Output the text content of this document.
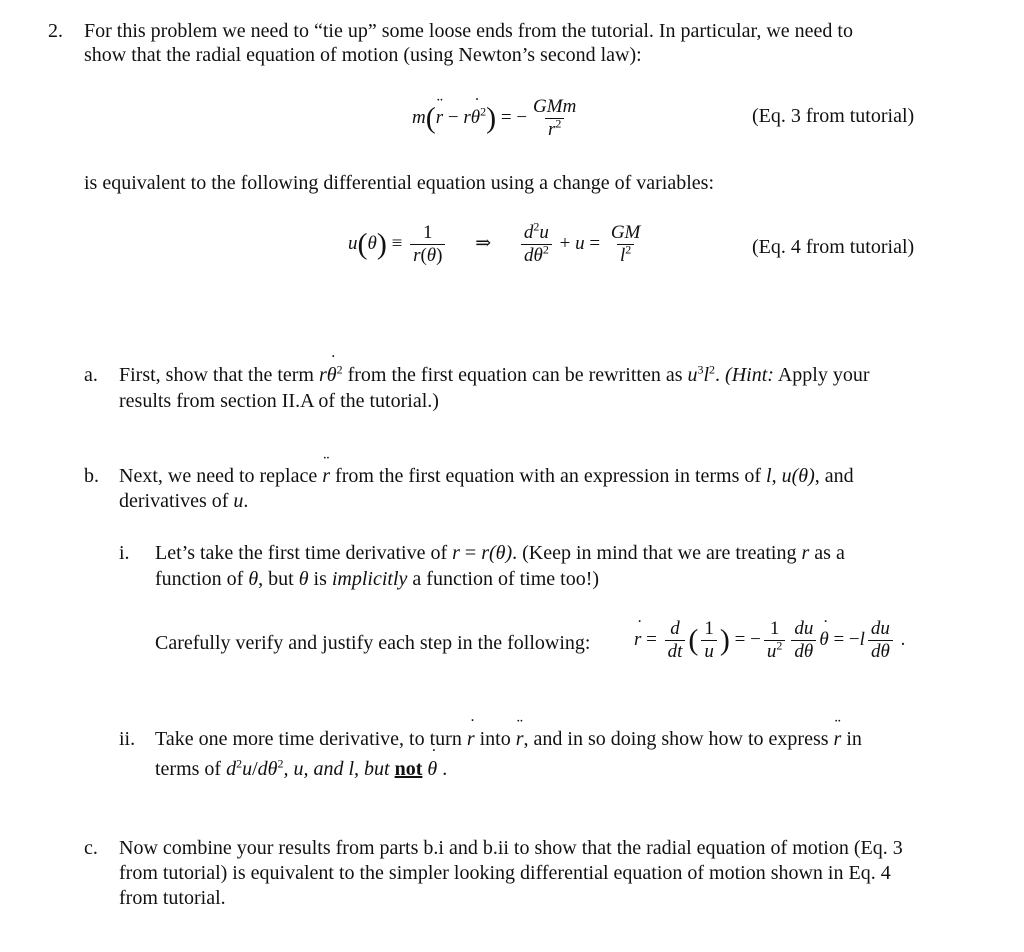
2. For this problem we need to “tie up” some loose ends from the tutorial. In particular, we need to
show that the radial equation of motion (using Newton’s second law):
m(r ¨ − rθ ˙$^2$) = − $\frac{\text{GMm}}{r^2}$	(Eq. 3 from tutorial)
is equivalent to the following differential equation using a change of variables:
$u(\theta) \equiv \frac{1}{r(\theta)}$ ⇒ $\frac{d^2u}{d\theta^2} + u = \frac{GM}{l^2}$	(Eq. 4 from tutorial)
a. First, show that the term rθ ˙$^2$ from the first equation can be rewritten as $u^3l^2$. (Hint: Apply your
results from section II.A of the tutorial.)
b. Next, we need to replace r ¨ from the first equation with an expression in terms of l, u(θ), and
derivatives of u.
i. Let’s take the first time derivative of r = r(θ). (Keep in mind that we are treating r as a
function of θ, but θ is implicitly a function of time too!)
Carefully verify and justify each step in the following: r ˙ = $\frac{d}{dt}$ ( $\frac{1}{u}$ ) = − $\frac{1}{u^2} \frac{du}{d\theta}$ θ ˙ = $-l \frac{du}{d\theta}$ .
ii. Take one more time derivative, to turn r ˙ into r ¨, and in so doing show how to express r ¨ in
terms of $d^2u/d\theta^2$, u, and l, but not θ ˙ .
c. Now combine your results from parts b.i and b.ii to show that the radial equation of motion (Eq. 3
from tutorial) is equivalent to the simpler looking differential equation of motion shown in Eq. 4
from tutorial.
